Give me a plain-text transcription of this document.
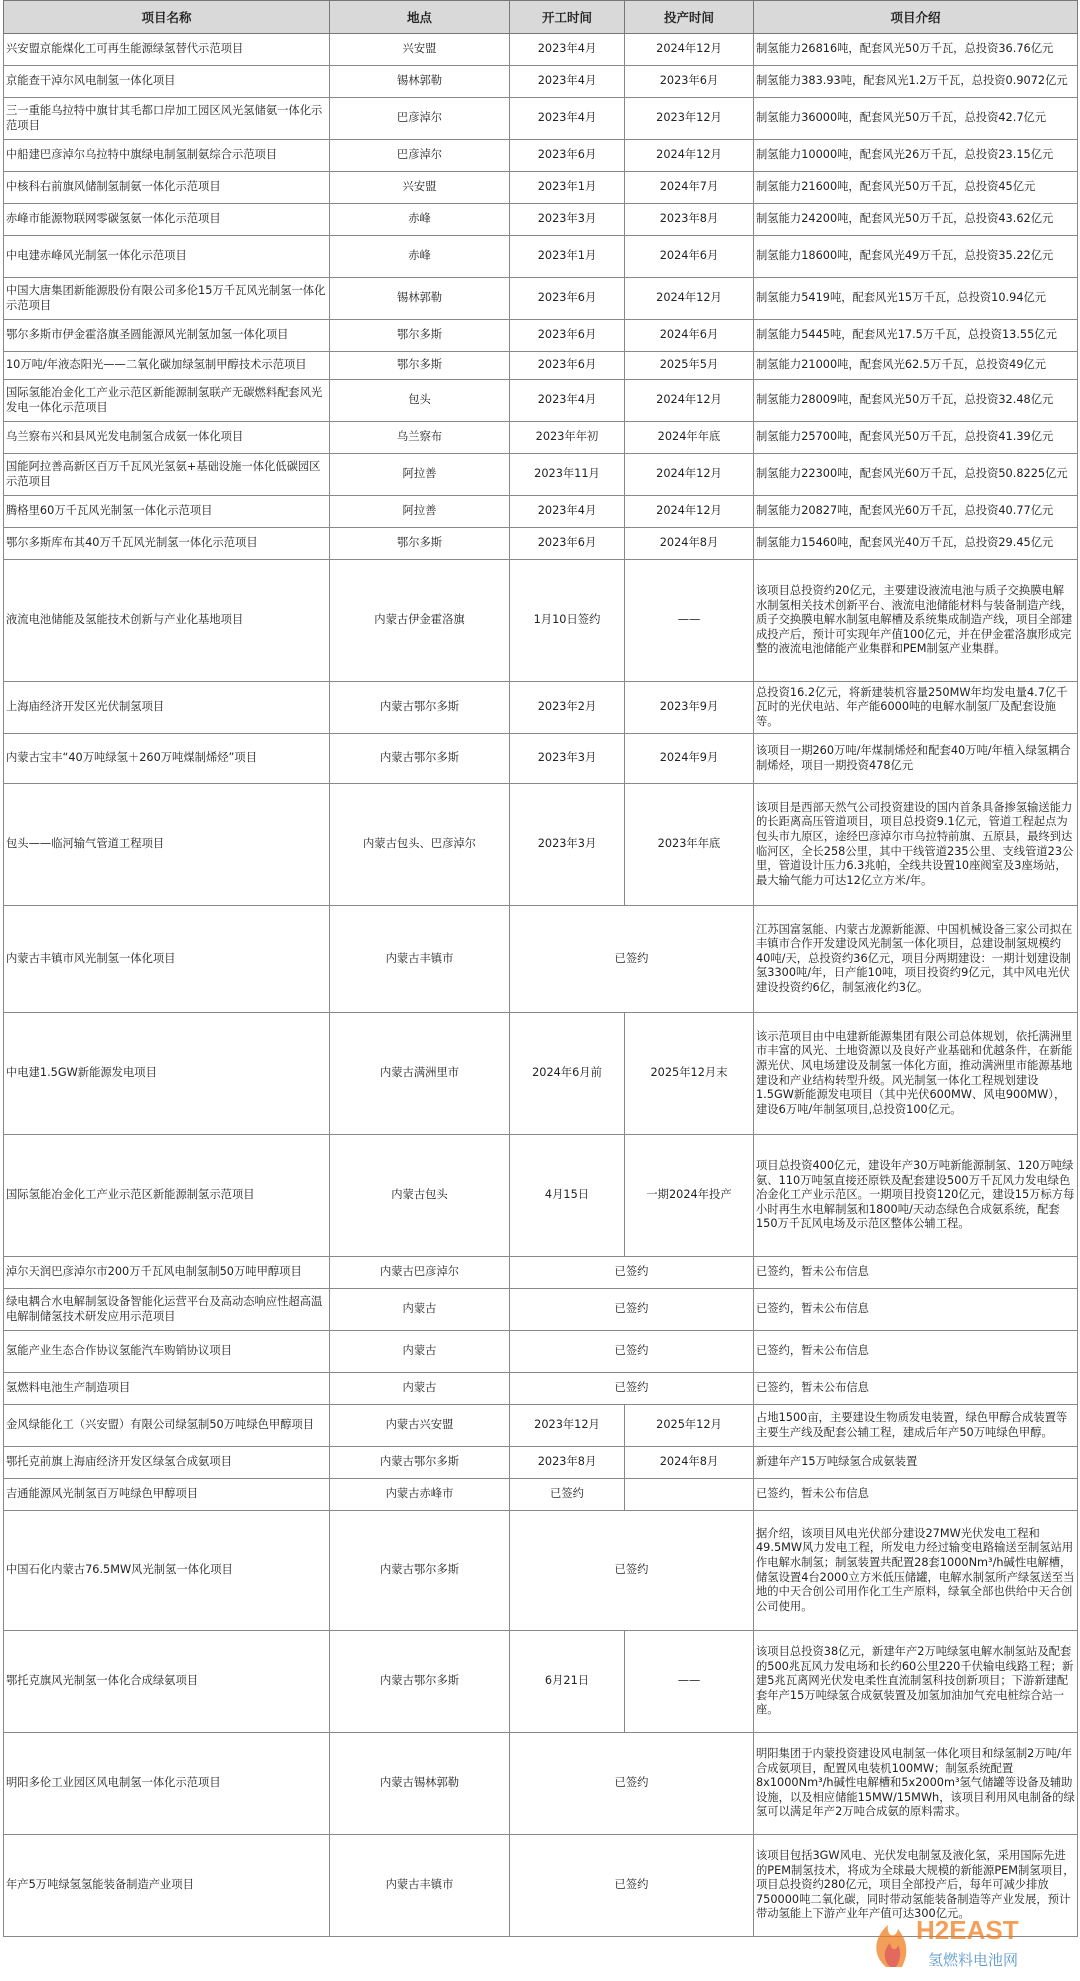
项目名称	地点	开工时间	投产时间	项目介绍
兴安盟京能煤化工可再生能源绿氢替代示范项目	兴安盟	2023年4月	2024年12月	制氢能力26816吨，配套风光50万千瓦，总投资36.76亿元
京能查干淖尔风电制氢一体化项目	锡林郭勒	2023年4月	2023年6月	制氢能力383.93吨，配套风光1.2万千瓦，总投资0.9072亿元
三一重能乌拉特中旗甘其毛都口岸加工园区风光氢储氨一体化示范项目	巴彦淖尔	2023年4月	2023年12月	制氢能力36000吨，配套风光50万千瓦，总投资42.7亿元
中船建巴彦淖尔乌拉特中旗绿电制氢制氨综合示范项目	巴彦淖尔	2023年6月	2024年12月	制氢能力10000吨，配套风光26万千瓦，总投资23.15亿元
中核科右前旗风储制氢制氨一体化示范项目	兴安盟	2023年1月	2024年7月	制氢能力21600吨，配套风光50万千瓦，总投资45亿元
赤峰市能源物联网零碳氢氨一体化示范项目	赤峰	2023年3月	2023年8月	制氢能力24200吨，配套风光50万千瓦，总投资43.62亿元
中电建赤峰风光制氢一体化示范项目	赤峰	2023年1月	2024年6月	制氢能力18600吨，配套风光49万千瓦，总投资35.22亿元
中国大唐集团新能源股份有限公司多伦15万千瓦风光制氢一体化示范项目	锡林郭勒	2023年6月	2024年12月	制氢能力5419吨，配套风光15万千瓦，总投资10.94亿元
鄂尔多斯市伊金霍洛旗圣圆能源风光制氢加氢一体化项目	鄂尔多斯	2023年6月	2024年6月	制氢能力5445吨，配套风光17.5万千瓦，总投资13.55亿元
10万吨/年液态阳光——二氧化碳加绿氢制甲醇技术示范项目	鄂尔多斯	2023年6月	2025年5月	制氢能力21000吨，配套风光62.5万千瓦，总投资49亿元
国际氢能冶金化工产业示范区新能源制氢联产无碳燃料配套风光发电一体化示范项目	包头	2023年4月	2024年12月	制氢能力28009吨，配套风光50万千瓦，总投资32.48亿元
乌兰察布兴和县风光发电制氢合成氨一体化项目	乌兰察布	2023年年初	2024年年底	制氢能力25700吨，配套风光50万千瓦，总投资41.39亿元
国能阿拉善高新区百万千瓦风光氢氨+基础设施一体化低碳园区示范项目	阿拉善	2023年11月	2024年12月	制氢能力22300吨，配套风光60万千瓦，总投资50.8225亿元
腾格里60万千瓦风光制氢一体化示范项目	阿拉善	2023年4月	2024年12月	制氢能力20827吨，配套风光60万千瓦，总投资40.77亿元
鄂尔多斯库布其40万千瓦风光制氢一体化示范项目	鄂尔多斯	2023年6月	2024年8月	制氢能力15460吨，配套风光40万千瓦，总投资29.45亿元
液流电池储能及氢能技术创新与产业化基地项目	内蒙古伊金霍洛旗	1月10日签约	——	该项目总投资约20亿元，主要建设液流电池与质子交换膜电解水制氢相关技术创新平台、液流电池储能材料与装备制造产线，质子交换膜电解水制氢电解槽及系统集成制造产线，项目全部建成投产后，预计可实现年产值100亿元，并在伊金霍洛旗形成完整的液流电池储能产业集群和PEM制氢产业集群。
上海庙经济开发区光伏制氢项目	内蒙古鄂尔多斯	2023年2月	2023年9月	总投资16.2亿元，将新建装机容量250MW年均发电量4.7亿千瓦时的光伏电站、年产能6000吨的电解水制氢厂及配套设施等。
内蒙古宝丰“40万吨绿氢＋260万吨煤制烯烃”项目	内蒙古鄂尔多斯	2023年3月	2024年9月	该项目一期260万吨/年煤制烯烃和配套40万吨/年植入绿氢耦合制烯烃，项目一期投资478亿元
包头——临河输气管道工程项目	内蒙古包头、巴彦淖尔	2023年3月	2023年年底	该项目是西部天然气公司投资建设的国内首条具备掺氢输送能力的长距离高压管道项目，项目总投资9.1亿元，管道工程起点为包头市九原区，途经巴彦淖尔市乌拉特前旗、五原县，最终到达临河区，全长258公里，其中干线管道235公里、支线管道23公里，管道设计压力6.3兆帕，全线共设置10座阀室及3座场站，最大输气能力可达12亿立方米/年。
内蒙古丰镇市风光制氢一体化项目	内蒙古丰镇市	已签约		江苏国富氢能、内蒙古龙源新能源、中国机械设备三家公司拟在丰镇市合作开发建设风光制氢一体化项目，总建设制氢规模约40吨/天，总投资约36亿元，项目分两期建设：一期计划建设制氢3300吨/年，日产能10吨，项目投资约9亿元，其中风电光伏建设投资约6亿，制氢液化约3亿。
中电建1.5GW新能源发电项目	内蒙古满洲里市	2024年6月前	2025年12月末	该示范项目由中电建新能源集团有限公司总体规划，依托满洲里市丰富的风光、土地资源以及良好产业基础和优越条件，在新能源光伏、风电场建设及制氢一体化方面，推动满洲里市能源基地建设和产业结构转型升级。风光制氢一体化工程规划建设1.5GW新能源发电项目（其中光伏600MW、风电900MW），建设6万吨/年制氢项目,总投资100亿元。
国际氢能冶金化工产业示范区新能源制氢示范项目	内蒙古包头	4月15日	一期2024年投产	项目总投资400亿元，建设年产30万吨新能源制氢、120万吨绿氨、110万吨氢直接还原铁及配套建设500万千瓦风力发电绿色冶金化工产业示范区。一期项目投资120亿元，建设15万标方每小时再生水电解制氢和1800吨/天动态绿色合成氨系统，配套150万千瓦风电场及示范区整体公辅工程。
淖尔天润巴彦淖尔市200万千瓦风电制氢制50万吨甲醇项目	内蒙古巴彦淖尔	已签约		已签约，暂未公布信息
绿电耦合水电解制氢设备智能化运营平台及高动态响应性超高温电解制储氢技术研发应用示范项目	内蒙古	已签约		已签约，暂未公布信息
氢能产业生态合作协议氢能汽车购销协议项目	内蒙古	已签约		已签约，暂未公布信息
氢燃料电池生产制造项目	内蒙古	已签约		已签约，暂未公布信息
金风绿能化工（兴安盟）有限公司绿氢制50万吨绿色甲醇项目	内蒙古兴安盟	2023年12月	2025年12月	占地1500亩，主要建设生物质发电装置，绿色甲醇合成装置等主要生产线及配套公辅工程，建成后年产50万吨绿色甲醇。
鄂托克前旗上海庙经济开发区绿氢合成氨项目	内蒙古鄂尔多斯	2023年8月	2024年8月	新建年产15万吨绿氢合成氨装置
吉通能源风光制氢百万吨绿色甲醇项目	内蒙古赤峰市	已签约		已签约，暂未公布信息
中国石化内蒙古76.5MW风光制氢一体化项目	内蒙古鄂尔多斯	已签约		据介绍，该项目风电光伏部分建设27MW光伏发电工程和49.5MW风力发电工程，所发电力经过输变电路输送至制氢站用作电解水制氢；制氢装置共配置28套1000Nm³/h碱性电解槽，储氢设置4台2000立方米低压储罐，电解水制氢所产绿氢送至当地的中天合创公司用作化工生产原料，绿氧全部也供给中天合创公司使用。
鄂托克旗风光制氢一体化合成绿氨项目	内蒙古鄂尔多斯	6月21日	——	该项目总投资38亿元，新建年产2万吨绿氢电解水制氢站及配套的500兆瓦风力发电场和长约60公里220千伏输电线路工程；新建5兆瓦离网光伏发电柔性直流制氢科技创新项目；下游新建配套年产15万吨绿氢合成氨装置及加氢加油加气充电桩综合站一座。
明阳多伦工业园区风电制氢一体化示范项目	内蒙古锡林郭勒	已签约		明阳集团于内蒙投资建设风电制氢一体化项目和绿氢制2万吨/年合成氨项目，配置风电装机100MW；制氢系统配置8x1000Nm³/h碱性电解槽和5x2000m³氢气储罐等设备及辅助设施，以及相应储能15MW/15MWh，该项目利用风电制备的绿氢可以满足年产2万吨合成氨的原料需求。
年产5万吨绿氢氢能装备制造产业项目	内蒙古丰镇市	已签约		该项目包括3GW风电、光伏发电制氢及液化氢，采用国际先进的PEM制氢技术，将成为全球最大规模的新能源PEM制氢项目，项目总投资约280亿元，项目全部投产后，每年可减少排放750000吨二氧化碳，同时带动氢能装备制造等产业发展，预计带动氢能上下游产业年产值可达300亿元。
H2EAST
氢燃料电池网
